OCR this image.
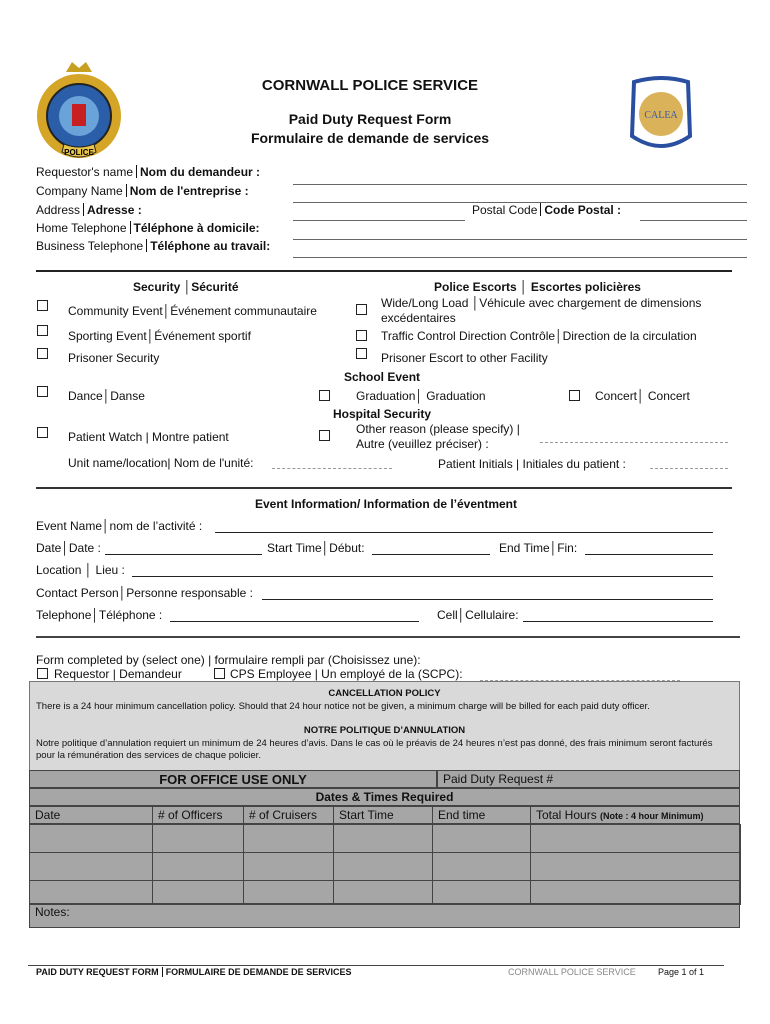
POLICE
CALEA
CORNWALL POLICE SERVICE
Paid Duty Request Form
Formulaire de demande de services
Requestor's name Nom du demandeur :
Company Name Nom de l'entreprise :
Address Adresse :	Postal Code Code Postal :
Home Telephone Téléphone à domicile:
Business Telephone Téléphone au travail:
Security │Sécurité	Police Escorts │ Escortes policières
Community Event│Événement communautaire
Sporting Event│Événement sportif
Prisoner Security
Wide/Long Load │Véhicule avec chargement de dimensions
excédentaires
Traffic Control Direction Contrôle│Direction de la circulation
Prisoner Escort to other Facility
School Event
Dance│Danse	Graduation│ Graduation	Concert│ Concert
Hospital Security
Patient Watch | Montre patient
Other reason (please specify) |
Autre (veuillez préciser) :
Unit name/location| Nom de l'unité:	Patient Initials | Initiales du patient :
Event Information/ Information de l’éventment
Event Name│nom de l’activité :
Date│Date :	Start Time│Début:	End Time│Fin:
Location │ Lieu :
Contact Person│Personne responsable :
Telephone│Téléphone :	Cell│Cellulaire:
Form completed by (select one) | formulaire rempli par (Choisissez une):
Requestor | Demandeur	CPS Employee | Un employé de la (SCPC):
CANCELLATION POLICY
There is a 24 hour minimum cancellation policy. Should that 24 hour notice not be given, a minimum charge will be billed for each paid duty officer.
NOTRE POLITIQUE D’ANNULATION
Notre politique d’annulation requiert un minimum de 24 heures d’avis. Dans le cas où le préavis de 24 heures n’est pas donné, des frais minimum seront facturés pour la rémunération des services de chaque policier.
FOR OFFICE USE ONLY	Paid Duty Request #
Dates & Times Required
Date	# of Officers	# of Cruisers	Start Time	End time	Total Hours (Note : 4 hour Minimum)
Notes:
PAID DUTY REQUEST FORM FORMULAIRE DE DEMANDE DE SERVICES	CORNWALL POLICE SERVICE Page 1 of 1
